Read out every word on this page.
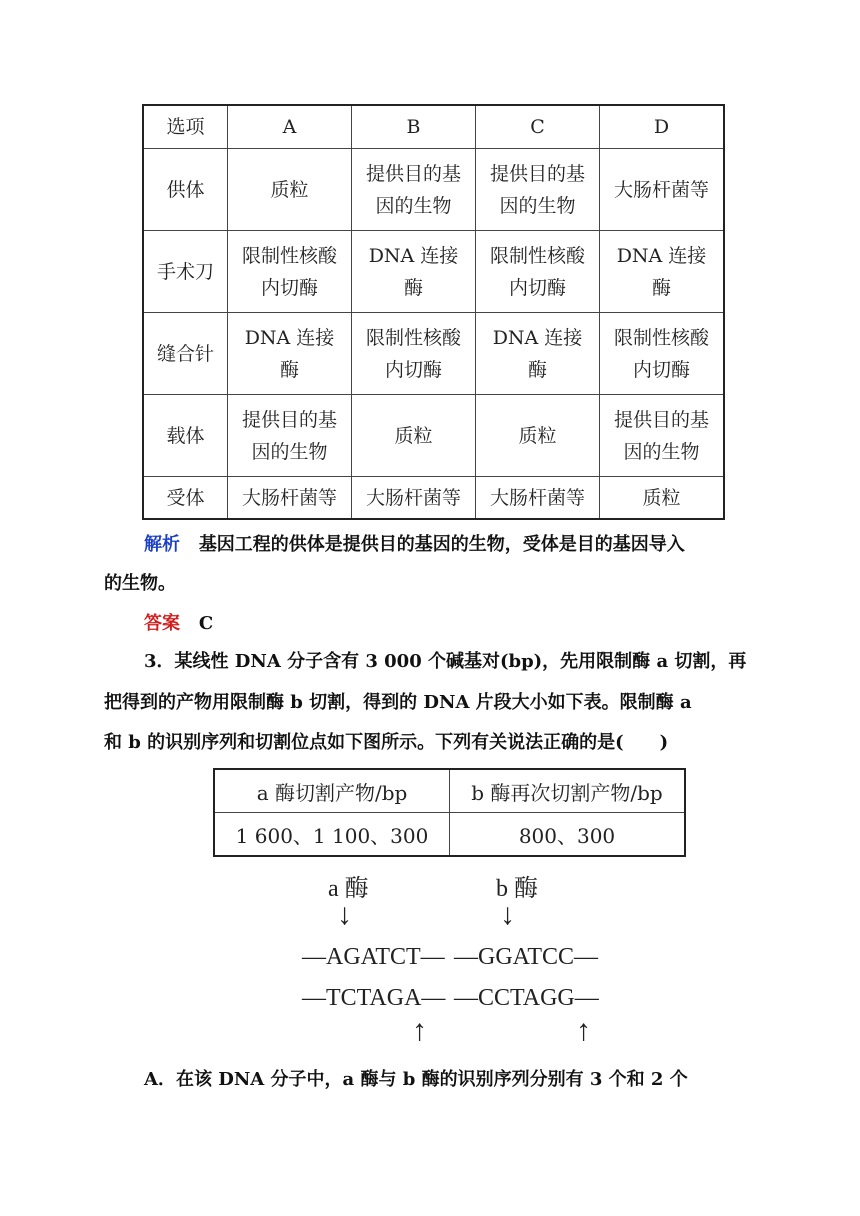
选项	A	B	C	D
供体	质粒	提供目的基因的生物	提供目的基因的生物	大肠杆菌等

手术刀	限制性核酸内切酶	DNA 连接酶	限制性核酸内切酶	DNA 连接酶

缝合针	DNA 连接酶	限制性核酸内切酶	DNA 连接酶	限制性核酸内切酶

载体	提供目的基因的生物	质粒	质粒	提供目的基因的生物

受体	大肠杆菌等	大肠杆菌等	大肠杆菌等	质粒
解析 基因工程的供体是提供目的基因的生物，受体是目的基因导入
的生物。
答案 C
3．某线性 DNA 分子含有 3 000 个碱基对(bp)，先用限制酶 a 切割，再
把得到的产物用限制酶 b 切割，得到的 DNA 片段大小如下表。限制酶 a
和 b 的识别序列和切割位点如下图所示。下列有关说法正确的是(　　)
a 酶切割产物/bp	b 酶再次切割产物/bp
1 600、1 100、300	800、300
a 酶	b 酶
↓	↓
—AGATCT— —GGATCC—
—TCTAGA— —CCTAGG—
↑	↑
A．在该 DNA 分子中，a 酶与 b 酶的识别序列分别有 3 个和 2 个
